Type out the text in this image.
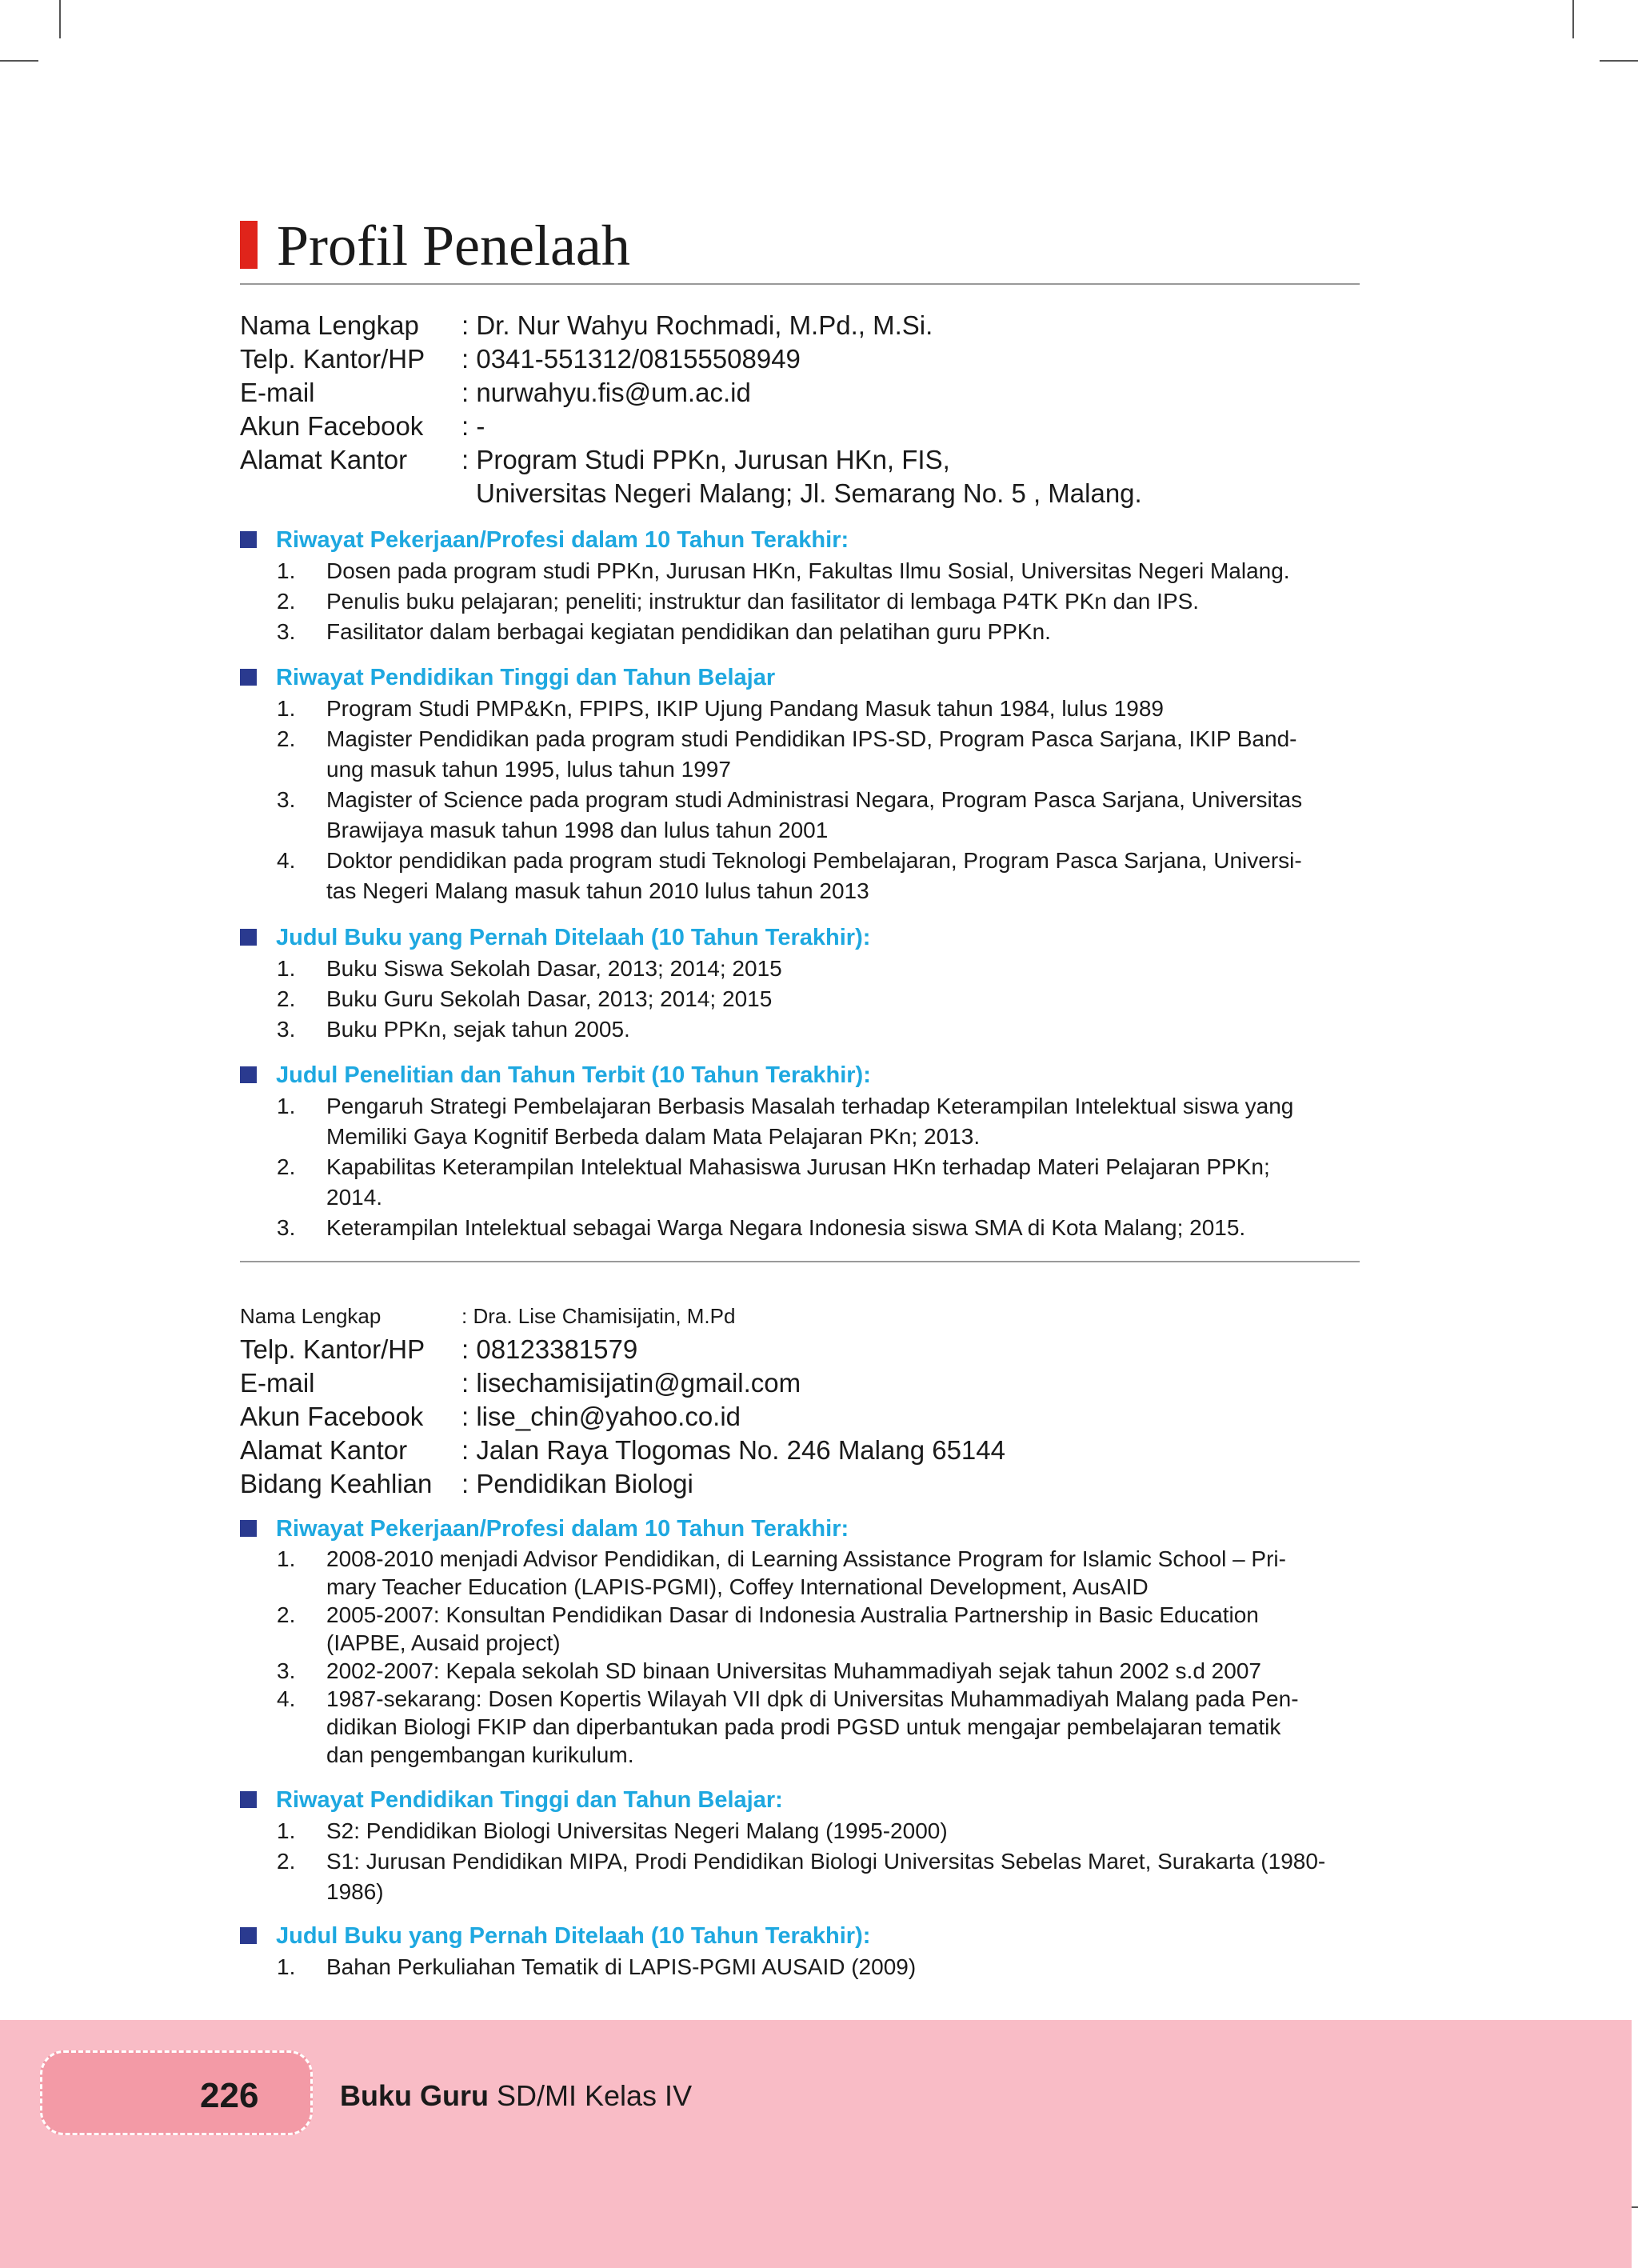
Profil Penelaah
Nama Lengkap : Dr. Nur Wahyu Rochmadi, M.Pd., M.Si.
Telp. Kantor/HP : 0341-551312/08155508949
E-mail	: nurwahyu.fis@um.ac.id
Akun Facebook : -
Alamat Kantor : Program Studi PPKn, Jurusan HKn, FIS,
Universitas Negeri Malang; Jl. Semarang No. 5 , Malang.
Riwayat Pekerjaan/Profesi dalam 10 Tahun Terakhir:
1. Dosen pada program studi PPKn, Jurusan HKn, Fakultas Ilmu Sosial, Universitas Negeri Malang.
2. Penulis buku pelajaran; peneliti; instruktur dan fasilitator di lembaga P4TK PKn dan IPS.
3. Fasilitator dalam berbagai kegiatan pendidikan dan pelatihan guru PPKn.
Riwayat Pendidikan Tinggi dan Tahun Belajar
1. Program Studi PMP&Kn, FPIPS, IKIP Ujung Pandang Masuk tahun 1984, lulus 1989
2. Magister Pendidikan pada program studi Pendidikan IPS-SD, Program Pasca Sarjana, IKIP Band-
ung masuk tahun 1995, lulus tahun 1997
3. Magister of Science pada program studi Administrasi Negara, Program Pasca Sarjana, Universitas
Brawijaya masuk tahun 1998 dan lulus tahun 2001
4. Doktor pendidikan pada program studi Teknologi Pembelajaran, Program Pasca Sarjana, Universi-
tas Negeri Malang masuk tahun 2010 lulus tahun 2013
Judul Buku yang Pernah Ditelaah (10 Tahun Terakhir):
1. Buku Siswa Sekolah Dasar, 2013; 2014; 2015
2. Buku Guru Sekolah Dasar, 2013; 2014; 2015
3. Buku PPKn, sejak tahun 2005.
Judul Penelitian dan Tahun Terbit (10 Tahun Terakhir):
1. Pengaruh Strategi Pembelajaran Berbasis Masalah terhadap Keterampilan Intelektual siswa yang
Memiliki Gaya Kognitif Berbeda dalam Mata Pelajaran PKn; 2013.
2. Kapabilitas Keterampilan Intelektual Mahasiswa Jurusan HKn terhadap Materi Pelajaran PPKn;
2014.
3. Keterampilan Intelektual sebagai Warga Negara Indonesia siswa SMA di Kota Malang; 2015.
Nama Lengkap	: Dra. Lise Chamisijatin, M.Pd
Telp. Kantor/HP : 08123381579
E-mail	: lisechamisijatin@gmail.com
Akun Facebook : lise_chin@yahoo.co.id
Alamat Kantor : Jalan Raya Tlogomas No. 246 Malang 65144
Bidang Keahlian : Pendidikan Biologi
Riwayat Pekerjaan/Profesi dalam 10 Tahun Terakhir:
1. 2008-2010 menjadi Advisor Pendidikan, di Learning Assistance Program for Islamic School – Pri-
mary Teacher Education (LAPIS-PGMI), Coffey International Development, AusAID
2. 2005-2007: Konsultan Pendidikan Dasar di Indonesia Australia Partnership in Basic Education
(IAPBE, Ausaid project)
3. 2002-2007: Kepala sekolah SD binaan Universitas Muhammadiyah sejak tahun 2002 s.d 2007
4. 1987-sekarang: Dosen Kopertis Wilayah VII dpk di Universitas Muhammadiyah Malang pada Pen-
didikan Biologi FKIP dan diperbantukan pada prodi PGSD untuk mengajar pembelajaran tematik
dan pengembangan kurikulum.
Riwayat Pendidikan Tinggi dan Tahun Belajar:
1. S2: Pendidikan Biologi Universitas Negeri Malang (1995-2000)
2. S1: Jurusan Pendidikan MIPA, Prodi Pendidikan Biologi Universitas Sebelas Maret, Surakarta (1980-
1986)
Judul Buku yang Pernah Ditelaah (10 Tahun Terakhir):
1. Bahan Perkuliahan Tematik di LAPIS-PGMI AUSAID (2009)
226	Buku Guru SD/MI Kelas IV
